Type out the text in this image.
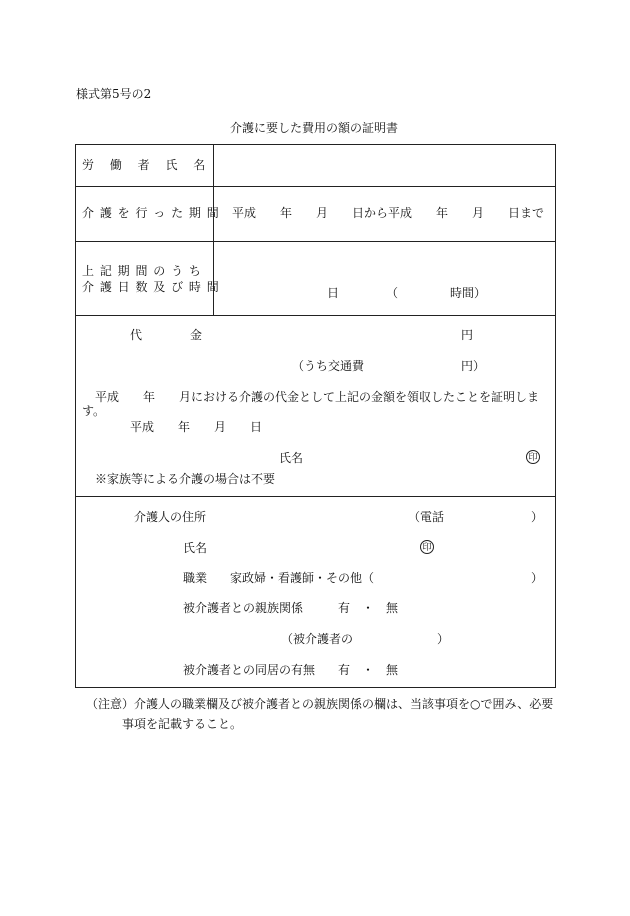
様式第5号の2
介護に要した費用の額の証明書
労 働 者 氏 名
介 護 を 行 っ た 期 間 平成　　年　　月　　日から平成　　年　　月　　日まで
上 記 期 間 の う ち
介 護 日 数 及 び 時 間	日	（	時間）
代　　　　金	円
（うち交通費	円）
平成　　年　　月における介護の代金として上記の金額を領収したことを証明しま
す。
平成　　年　　月　　日
氏名	印
※家族等による介護の場合は不要
介護人の住所	（電話	）
氏名	印
職業 家政婦・看護師・その他（	）
被介護者との親族関係	有　・　無
（被介護者の	）
被介護者との同居の有無 有　・　無
（注意） 介護人の職業欄及び被介護者との親族関係の欄は、当該事項を○で囲み、必要
事項を記載すること。
